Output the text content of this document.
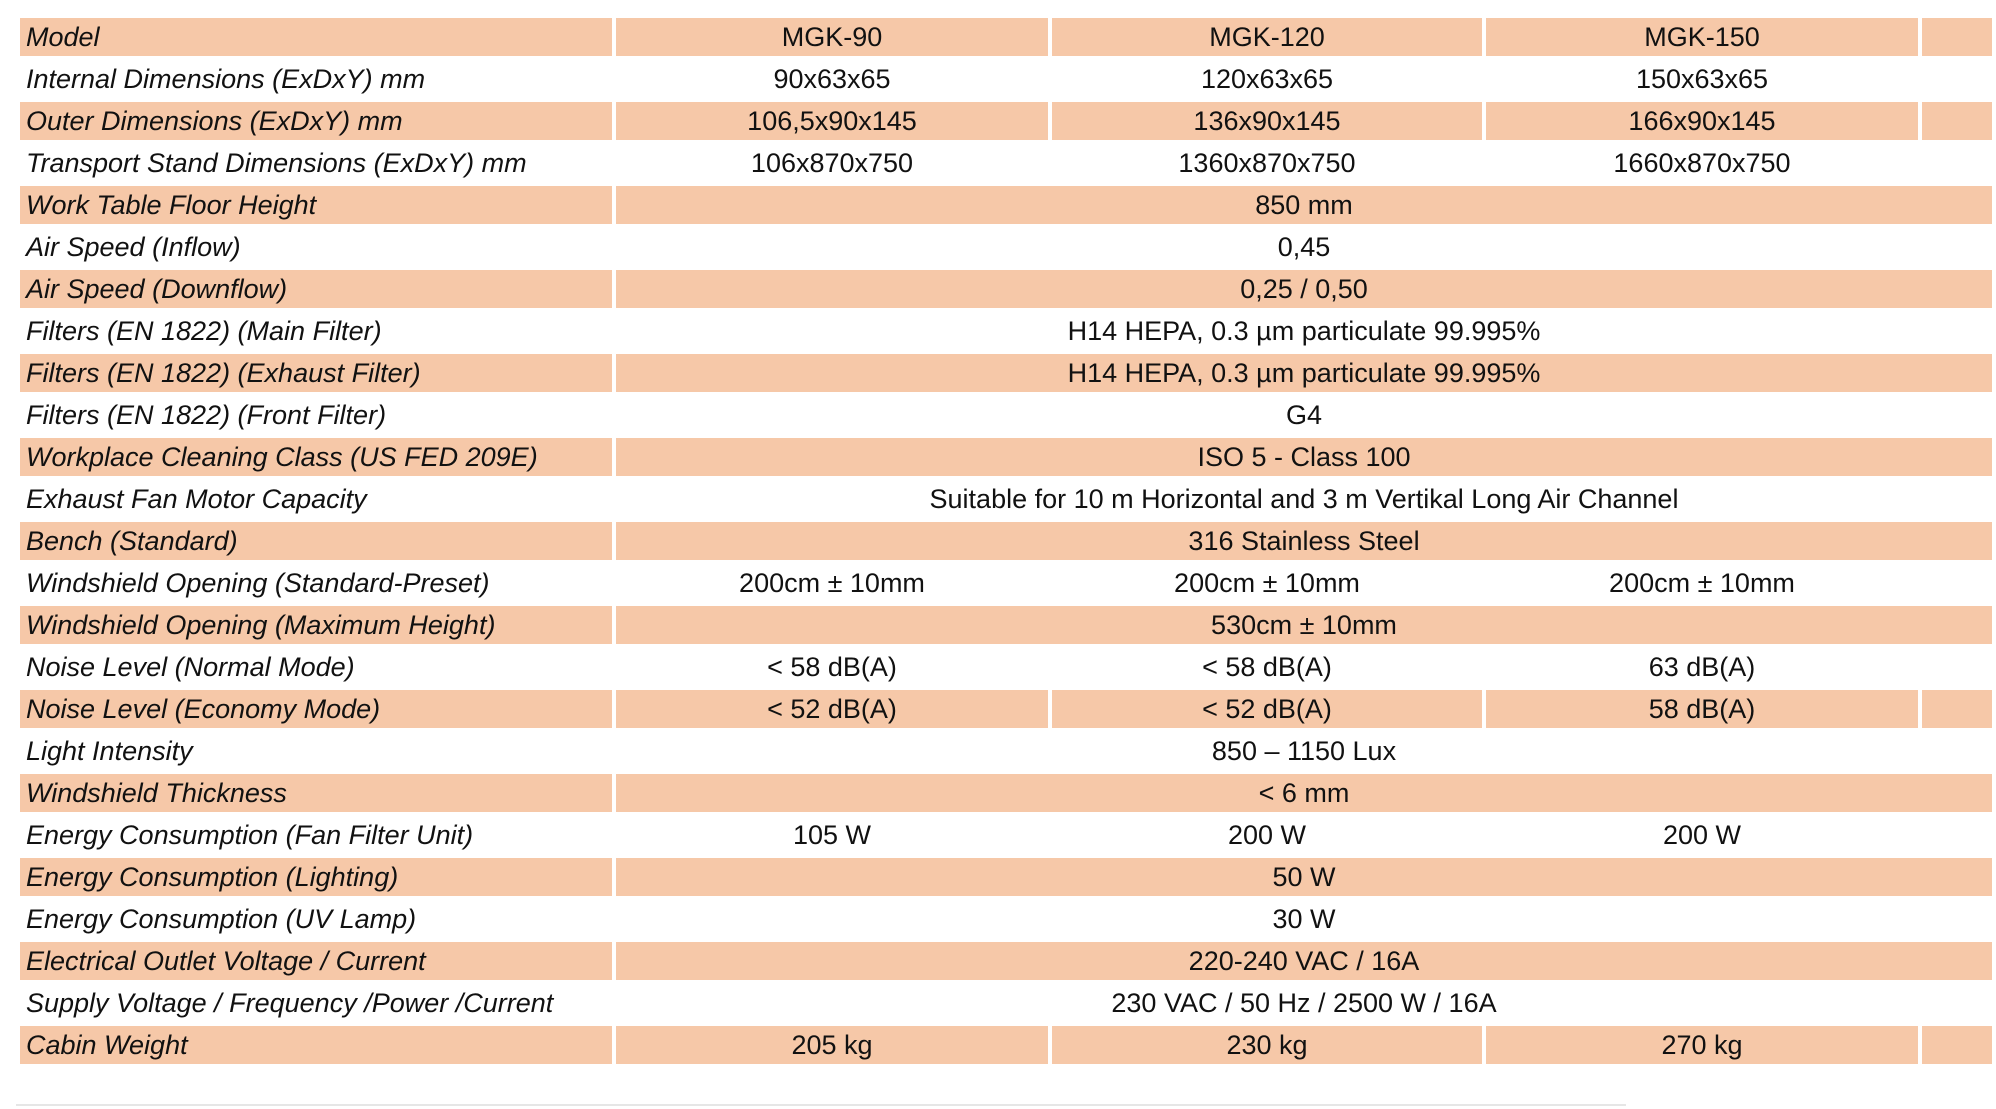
Model	MGK-90	MGK-120	MGK-150	
Internal Dimensions (ExDxY) mm	90x63x65	120x63x65	150x63x65	
Outer Dimensions (ExDxY) mm	106,5x90x145	136x90x145	166x90x145	
Transport Stand Dimensions (ExDxY) mm	106x870x750	1360x870x750	1660x870x750	
Work Table Floor Height	850 mm			
Air Speed (Inflow)	0,45			
Air Speed (Downflow)	0,25 / 0,50			
Filters (EN 1822) (Main Filter)	H14 HEPA, 0.3 µm particulate 99.995%			
Filters (EN 1822) (Exhaust Filter)	H14 HEPA, 0.3 µm particulate 99.995%			
Filters (EN 1822) (Front Filter)	G4			
Workplace Cleaning Class (US FED 209E)	ISO 5 - Class 100			
Exhaust Fan Motor Capacity	Suitable for 10 m Horizontal and 3 m Vertikal Long Air Channel			
Bench (Standard)	316 Stainless Steel			
Windshield Opening (Standard-Preset)	200cm ± 10mm	200cm ± 10mm	200cm ± 10mm	
Windshield Opening (Maximum Height)	530cm ± 10mm			
Noise Level (Normal Mode)	< 58 dB(A)	< 58 dB(A)	63 dB(A)	
Noise Level (Economy Mode)	< 52 dB(A)	< 52 dB(A)	58 dB(A)	
Light Intensity	850 – 1150 Lux			
Windshield Thickness	< 6 mm			
Energy Consumption (Fan Filter Unit)	105 W	200 W	200 W	
Energy Consumption (Lighting)	50 W			
Energy Consumption (UV Lamp)	30 W			
Electrical Outlet Voltage / Current	220-240 VAC / 16A			
Supply Voltage / Frequency /Power /Current	230 VAC / 50 Hz / 2500 W / 16A			
Cabin Weight	205 kg	230 kg	270 kg	
